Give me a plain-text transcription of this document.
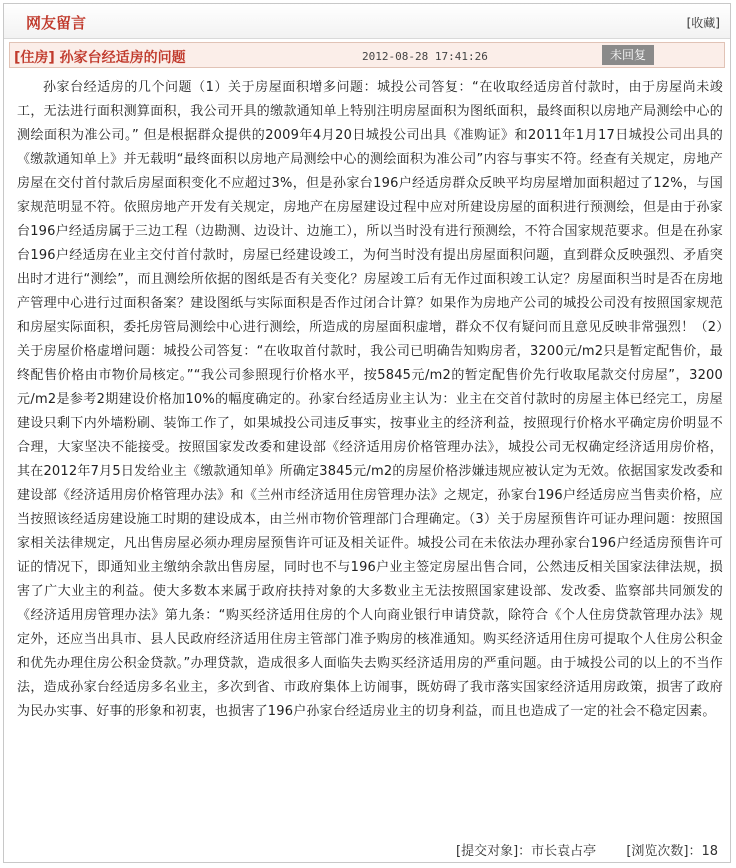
网友留言	[收藏]
[住房] 孙家台经适房的问题	2012-08-28 17:41:26	未回复
孙家台经适房的几个问题（1）关于房屋面积增多问题：城投公司答复：“在收取经适房首付款时，由于房屋尚未竣工，无法进行面积测算面积，我公司开具的缴款通知单上特别注明房屋面积为图纸面积，最终面积以房地产局测绘中心的测绘面积为准公司。” 但是根据群众提供的2009年4月20日城投公司出具《准购证》和2011年1月17日城投公司出具的《缴款通知单上》并无载明“最终面积以房地产局测绘中心的测绘面积为准公司”内容与事实不符。经查有关规定，房地产房屋在交付首付款后房屋面积变化不应超过3%，但是孙家台196户经适房群众反映平均房屋增加面积超过了12%，与国家规范明显不符。依照房地产开发有关规定，房地产在房屋建设过程中应对所建设房屋的面积进行预测绘，但是由于孙家台196户经适房属于三边工程（边勘测、边设计、边施工），所以当时没有进行预测绘，不符合国家规范要求。但是在孙家台196户经适房在业主交付首付款时，房屋已经建设竣工，为何当时没有提出房屋面积问题，直到群众反映强烈、矛盾突出时才进行“测绘”，而且测绘所依据的图纸是否有关变化？房屋竣工后有无作过面积竣工认定？房屋面积当时是否在房地产管理中心进行过面积备案？建设图纸与实际面积是否作过闭合计算？如果作为房地产公司的城投公司没有按照国家规范和房屋实际面积，委托房管局测绘中心进行测绘，所造成的房屋面积虚增，群众不仅有疑问而且意见反映非常强烈！（2）关于房屋价格虚增问题：城投公司答复：“在收取首付款时，我公司已明确告知购房者，3200元/m2只是暂定配售价，最终配售价格由市物价局核定。”“我公司参照现行价格水平，按5845元/m2的暂定配售价先行收取尾款交付房屋”，3200元/m2是参考2期建设价格加10%的幅度确定的。孙家台经适房业主认为：业主在交首付款时的房屋主体已经完工，房屋建设只剩下内外墙粉刷、装饰工作了，如果城投公司违反事实，按事业主的经济利益，按照现行价格水平确定房价明显不合理，大家坚决不能接受。按照国家发改委和建设部《经济适用房价格管理办法》，城投公司无权确定经济适用房价格，其在2012年7月5日发给业主《缴款通知单》所确定3845元/m2的房屋价格涉嫌违规应被认定为无效。依据国家发改委和建设部《经济适用房价格管理办法》和《兰州市经济适用住房管理办法》之规定，孙家台196户经适房应当售卖价格，应当按照该经适房建设施工时期的建设成本，由兰州市物价管理部门合理确定。（3）关于房屋预售许可证办理问题：按照国家相关法律规定，凡出售房屋必须办理房屋预售许可证及相关证件。城投公司在未依法办理孙家台196户经适房预售许可证的情况下，即通知业主缴纳余款出售房屋，同时也不与196户业主签定房屋出售合同，公然违反相关国家法律法规，损害了广大业主的利益。使大多数本来属于政府扶持对象的大多数业主无法按照国家建设部、发改委、监察部共同颁发的《经济适用房管理办法》第九条：“购买经济适用住房的个人向商业银行申请贷款，除符合《个人住房贷款管理办法》规定外，还应当出具市、县人民政府经济适用住房主管部门准予购房的核准通知。购买经济适用住房可提取个人住房公积金和优先办理住房公积金贷款。”办理贷款，造成很多人面临失去购买经济适用房的严重问题。由于城投公司的以上的不当作法，造成孙家台经适房多名业主，多次到省、市政府集体上访闹事，既妨碍了我市落实国家经济适用房政策，损害了政府为民办实事、好事的形象和初衷，也损害了196户孙家台经适房业主的切身利益，而且也造成了一定的社会不稳定因素。
[提交对象]：市长袁占亭 [浏览次数]：18
